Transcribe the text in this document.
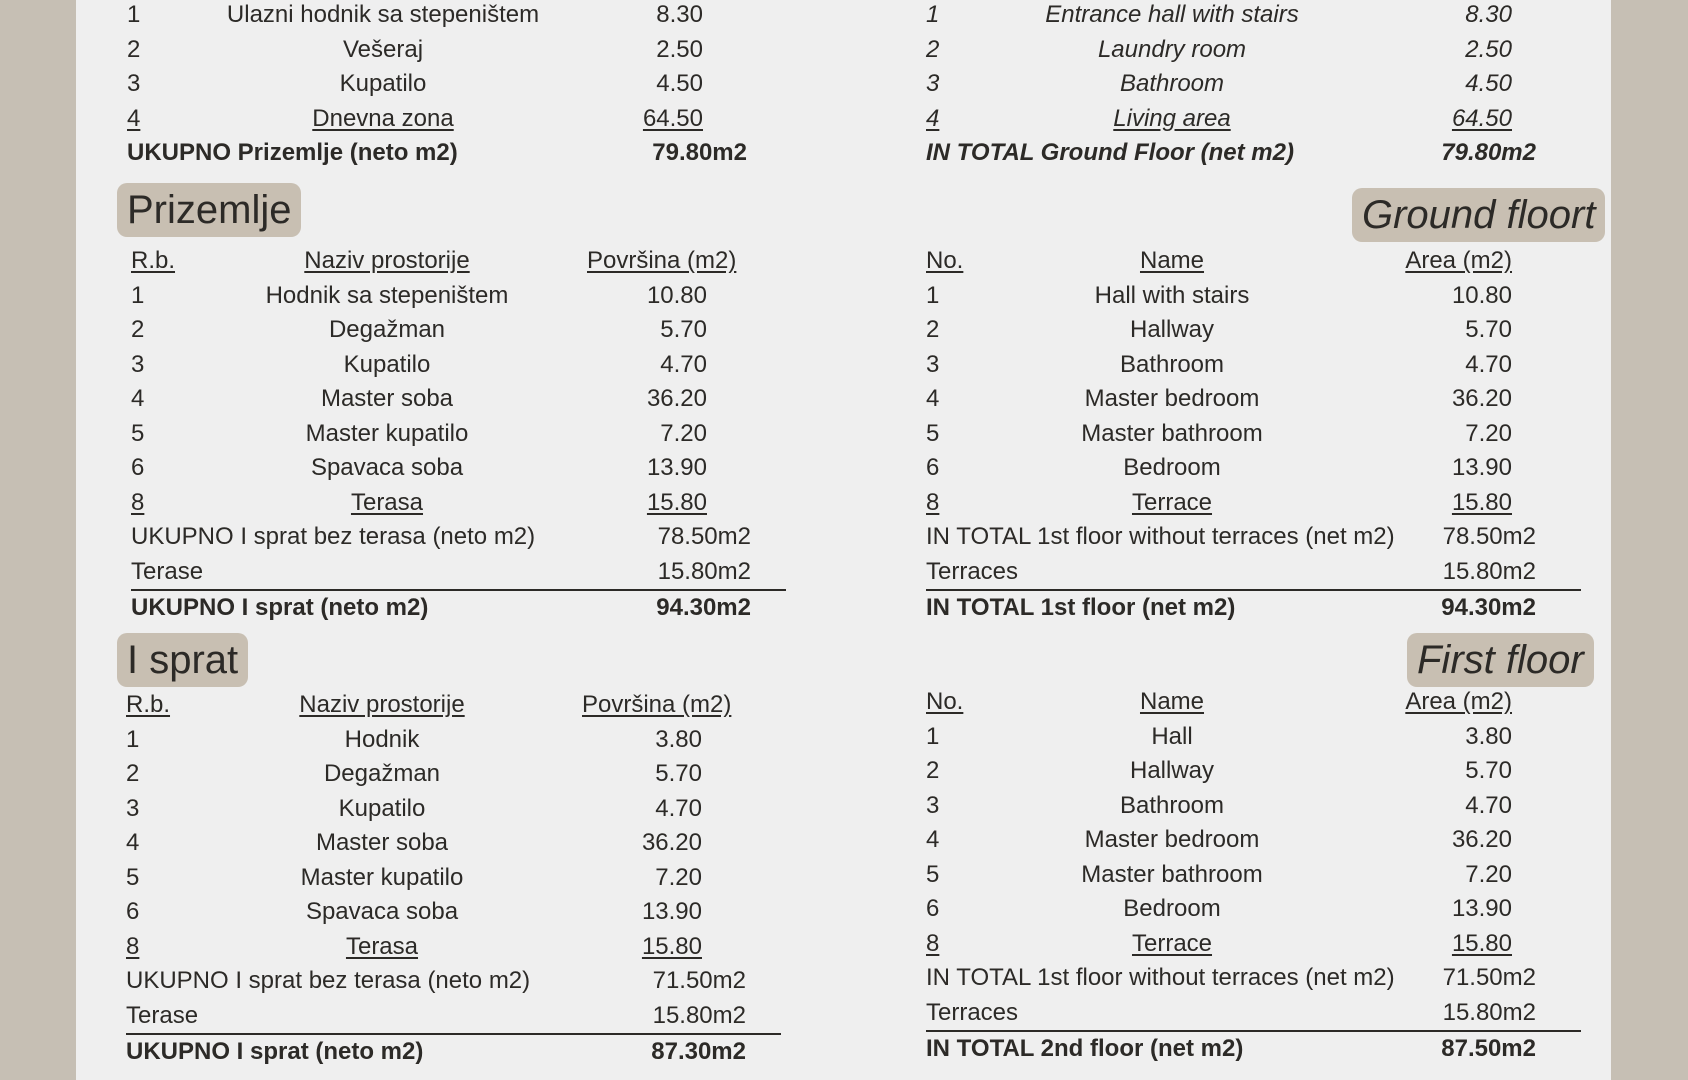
1	Ulazni hodnik sa stepeništem	8.30
2	Vešeraj	2.50
3	Kupatilo	4.50
4	Dnevna zona	64.50
UKUPNO Prizemlje (neto m2)	79.80m2
1	Entrance hall with stairs	8.30
2	Laundry room	2.50
3	Bathroom	4.50
4	Living area	64.50
IN TOTAL Ground Floor (net m2)	79.80m2
Prizemlje	Ground floort
R.b.	Naziv prostorije	Površina (m2)
1	Hodnik sa stepeništem	10.80
2	Degažman	5.70
3	Kupatilo	4.70
4	Master soba	36.20
5	Master kupatilo	7.20
6	Spavaca soba	13.90
8	Terasa	15.80
UKUPNO I sprat bez terasa (neto m2)	78.50m2
Terase	15.80m2
UKUPNO I sprat (neto m2)	94.30m2
No.	Name	Area (m2)
1	Hall with stairs	10.80
2	Hallway	5.70
3	Bathroom	4.70
4	Master bedroom	36.20
5	Master bathroom	7.20
6	Bedroom	13.90
8	Terrace	15.80
IN TOTAL 1st floor without terraces (net m2)	78.50m2
Terraces	15.80m2
IN TOTAL 1st floor (net m2)	94.30m2
I sprat	First floor
R.b.	Naziv prostorije	Površina (m2)
1	Hodnik	3.80
2	Degažman	5.70
3	Kupatilo	4.70
4	Master soba	36.20
5	Master kupatilo	7.20
6	Spavaca soba	13.90
8	Terasa	15.80
UKUPNO I sprat bez terasa (neto m2)	71.50m2
Terase	15.80m2
UKUPNO I sprat (neto m2)	87.30m2
No.	Name	Area (m2)
1	Hall	3.80
2	Hallway	5.70
3	Bathroom	4.70
4	Master bedroom	36.20
5	Master bathroom	7.20
6	Bedroom	13.90
8	Terrace	15.80
IN TOTAL 1st floor without terraces (net m2)	71.50m2
Terraces	15.80m2
IN TOTAL 2nd floor (net m2)	87.50m2
